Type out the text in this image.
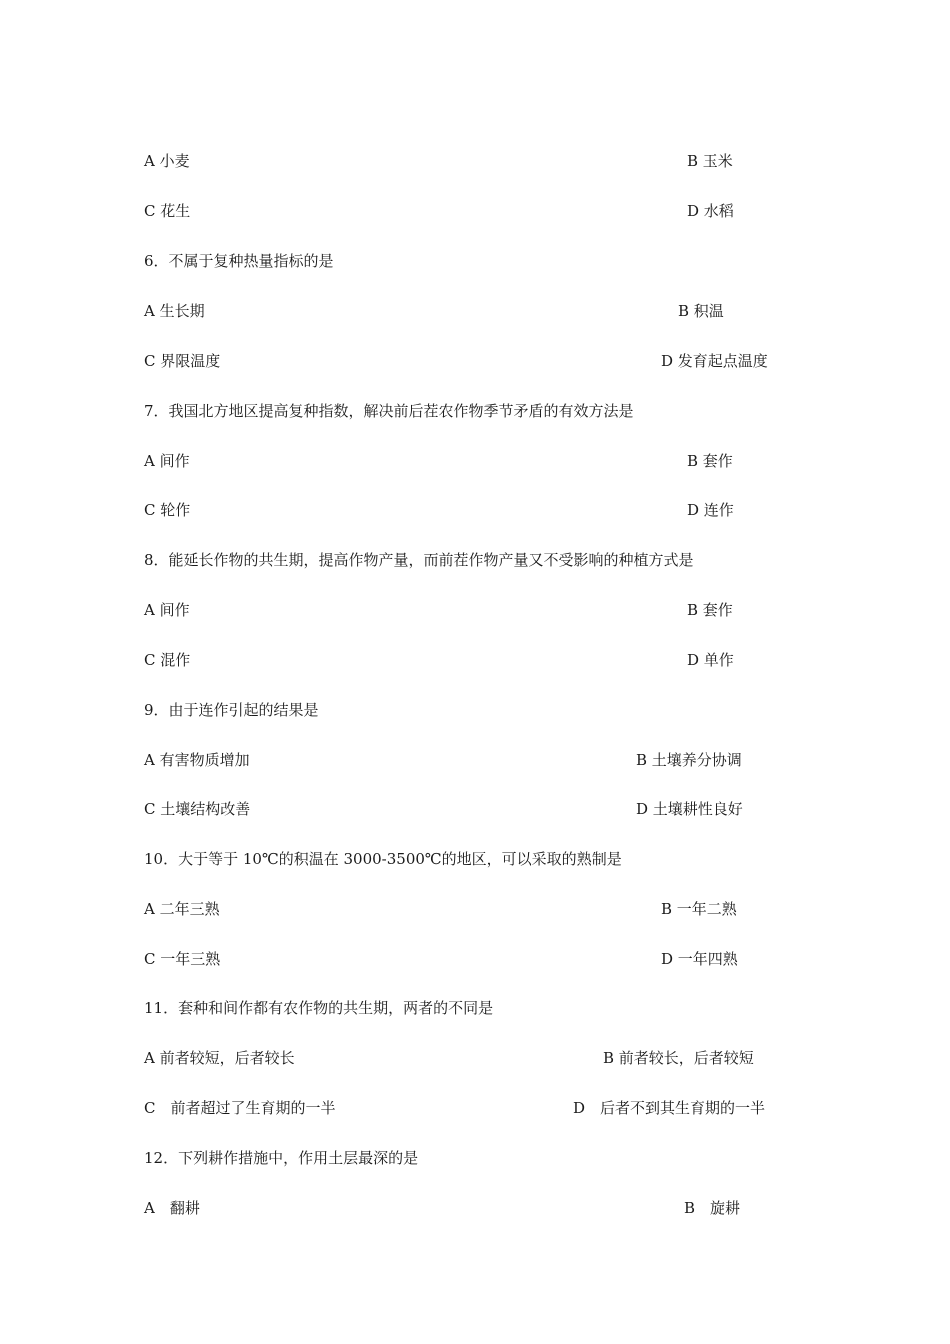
A 小麦	B 玉米
C 花生	D 水稻
6．不属于复种热量指标的是
A 生长期	B 积温
C 界限温度	D 发育起点温度
7．我国北方地区提高复种指数，解决前后茬农作物季节矛盾的有效方法是
A 间作	B 套作
C 轮作	D 连作
8．能延长作物的共生期，提高作物产量，而前茬作物产量又不受影响的种植方式是
A 间作	B 套作
C 混作	D 单作
9．由于连作引起的结果是
A 有害物质增加	B 土壤养分协调
C 土壤结构改善	D 土壤耕性良好
10．大于等于 10℃的积温在 3000-3500℃的地区，可以采取的熟制是
A 二年三熟	B 一年二熟
C 一年三熟	D 一年四熟
11．套种和间作都有农作物的共生期，两者的不同是
A 前者较短，后者较长	B 前者较长，后者较短
C　前者超过了生育期的一半	D　后者不到其生育期的一半
12．下列耕作措施中，作用土层最深的是
A　翻耕	B　旋耕
